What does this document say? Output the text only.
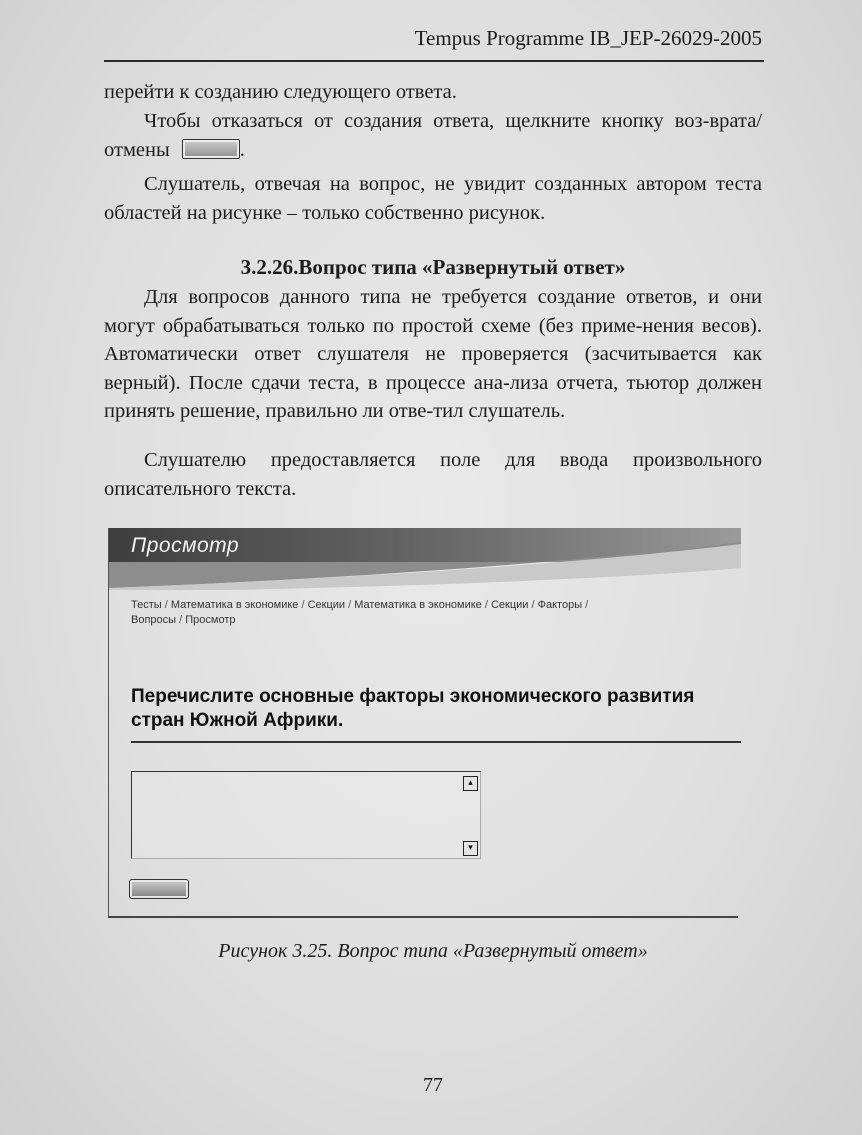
Tempus Programme IB_JEP-26029-2005
перейти к созданию следующего ответа.
Чтобы отказаться от создания ответа, щелкните кнопку воз-врата/отмены	.
Слушатель, отвечая на вопрос, не увидит созданных автором теста областей на рисунке – только собственно рисунок.
3.2.26.Вопрос типа «Развернутый ответ»
Для вопросов данного типа не требуется создание ответов, и они могут обрабатываться только по простой схеме (без приме-нения весов). Автоматически ответ слушателя не проверяется (засчитывается как верный). После сдачи теста, в процессе ана-лиза отчета, тьютор должен принять решение, правильно ли отве-тил слушатель.
Слушателю предоставляется поле для ввода произвольного описательного текста.
Просмотр
Тесты / Математика в экономике / Секции / Математика в экономике / Секции / Факторы /
Вопросы / Просмотр
Перечислите основные факторы экономического развития стран Южной Африки.
▴
▾
Рисунок 3.25. Вопрос типа «Развернутый ответ»
77
